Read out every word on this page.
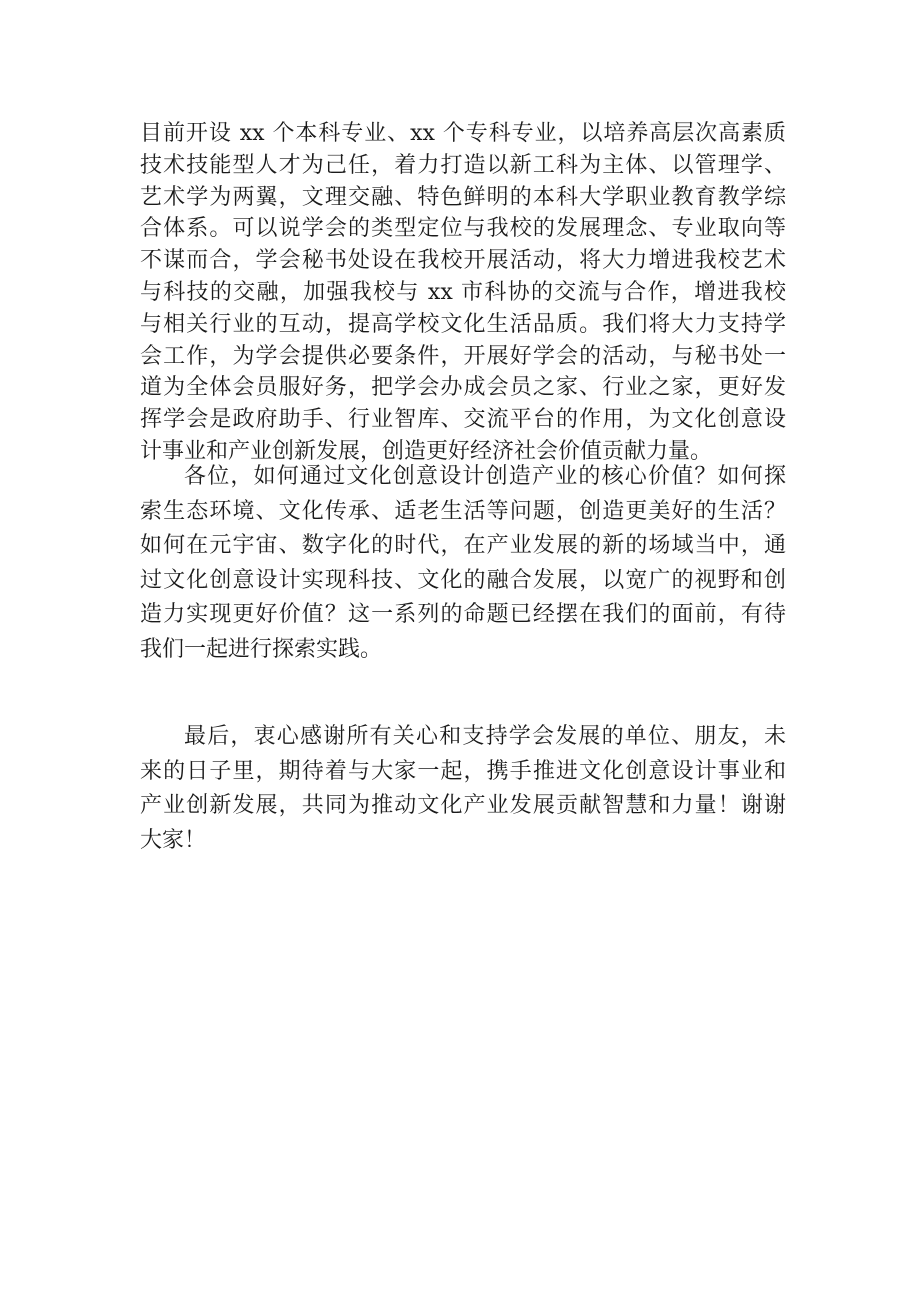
目前开设 xx 个本科专业、xx 个专科专业，以培养高层次高素质
技术技能型人才为己任，着力打造以新工科为主体、以管理学、
艺术学为两翼，文理交融、特色鲜明的本科大学职业教育教学综
合体系。可以说学会的类型定位与我校的发展理念、专业取向等
不谋而合，学会秘书处设在我校开展活动，将大力增进我校艺术
与科技的交融，加强我校与 xx 市科协的交流与合作，增进我校
与相关行业的互动，提高学校文化生活品质。我们将大力支持学
会工作，为学会提供必要条件，开展好学会的活动，与秘书处一
道为全体会员服好务，把学会办成会员之家、行业之家，更好发
挥学会是政府助手、行业智库、交流平台的作用，为文化创意设
计事业和产业创新发展，创造更好经济社会价值贡献力量。
各位，如何通过文化创意设计创造产业的核心价值？如何探
索生态环境、文化传承、适老生活等问题，创造更美好的生活？
如何在元宇宙、数字化的时代，在产业发展的新的场域当中，通
过文化创意设计实现科技、文化的融合发展，以宽广的视野和创
造力实现更好价值？这一系列的命题已经摆在我们的面前，有待
我们一起进行探索实践。
最后，衷心感谢所有关心和支持学会发展的单位、朋友，未
来的日子里，期待着与大家一起，携手推进文化创意设计事业和
产业创新发展，共同为推动文化产业发展贡献智慧和力量！谢谢
大家！
